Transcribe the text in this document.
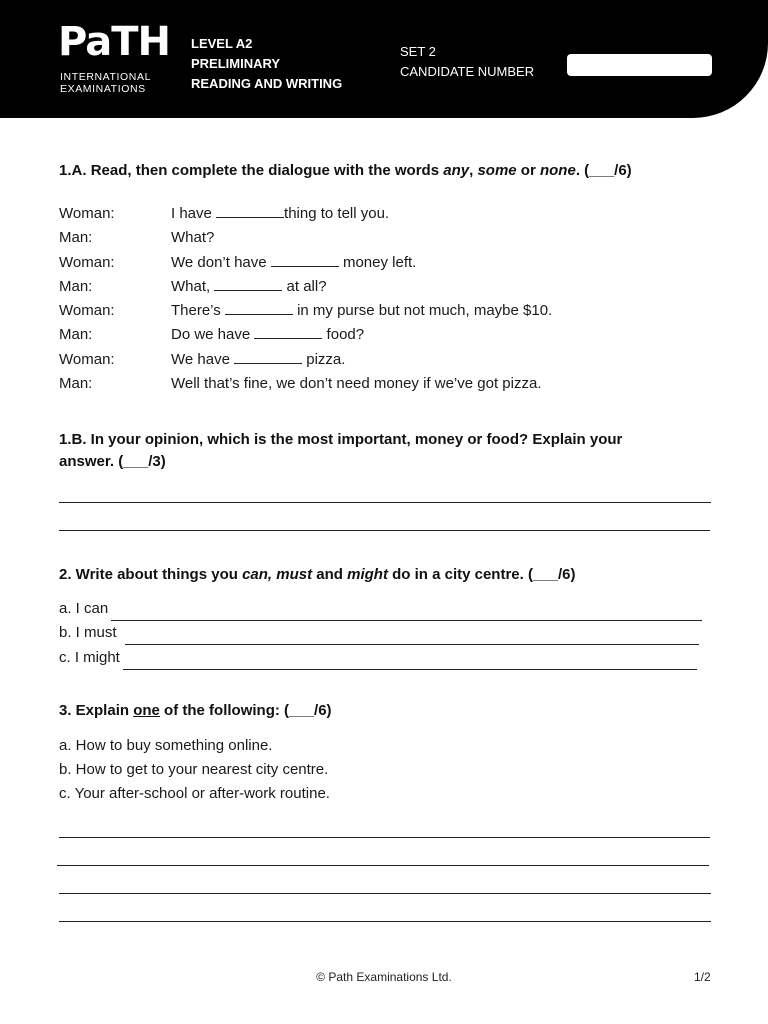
PaTH
INTERNATIONAL
EXAMINATIONS
LEVEL A2
PRELIMINARY
READING AND WRITING
SET 2
CANDIDATE NUMBER
1.A. Read, then complete the dialogue with the words any, some or none. (___/6)
Woman:	I have	thing to tell you.
Man:	What?
Woman:	We don’t have	money left.
Man:	What,	at all?
Woman:	There’s	in my purse but not much, maybe $10.
Man:	Do we have	food?
Woman:	We have	pizza.
Man:	Well that’s fine, we don’t need money if we’ve got pizza.
1.B. In your opinion, which is the most important, money or food? Explain your
answer. (___/3)
2. Write about things you can, must and might do in a city centre. (___/6)
a. I can
b. I must
c. I might
3. Explain one of the following: (___/6)
a. How to buy something online.
b. How to get to your nearest city centre.
c. Your after-school or after-work routine.
© Path Examinations Ltd.	1/2
